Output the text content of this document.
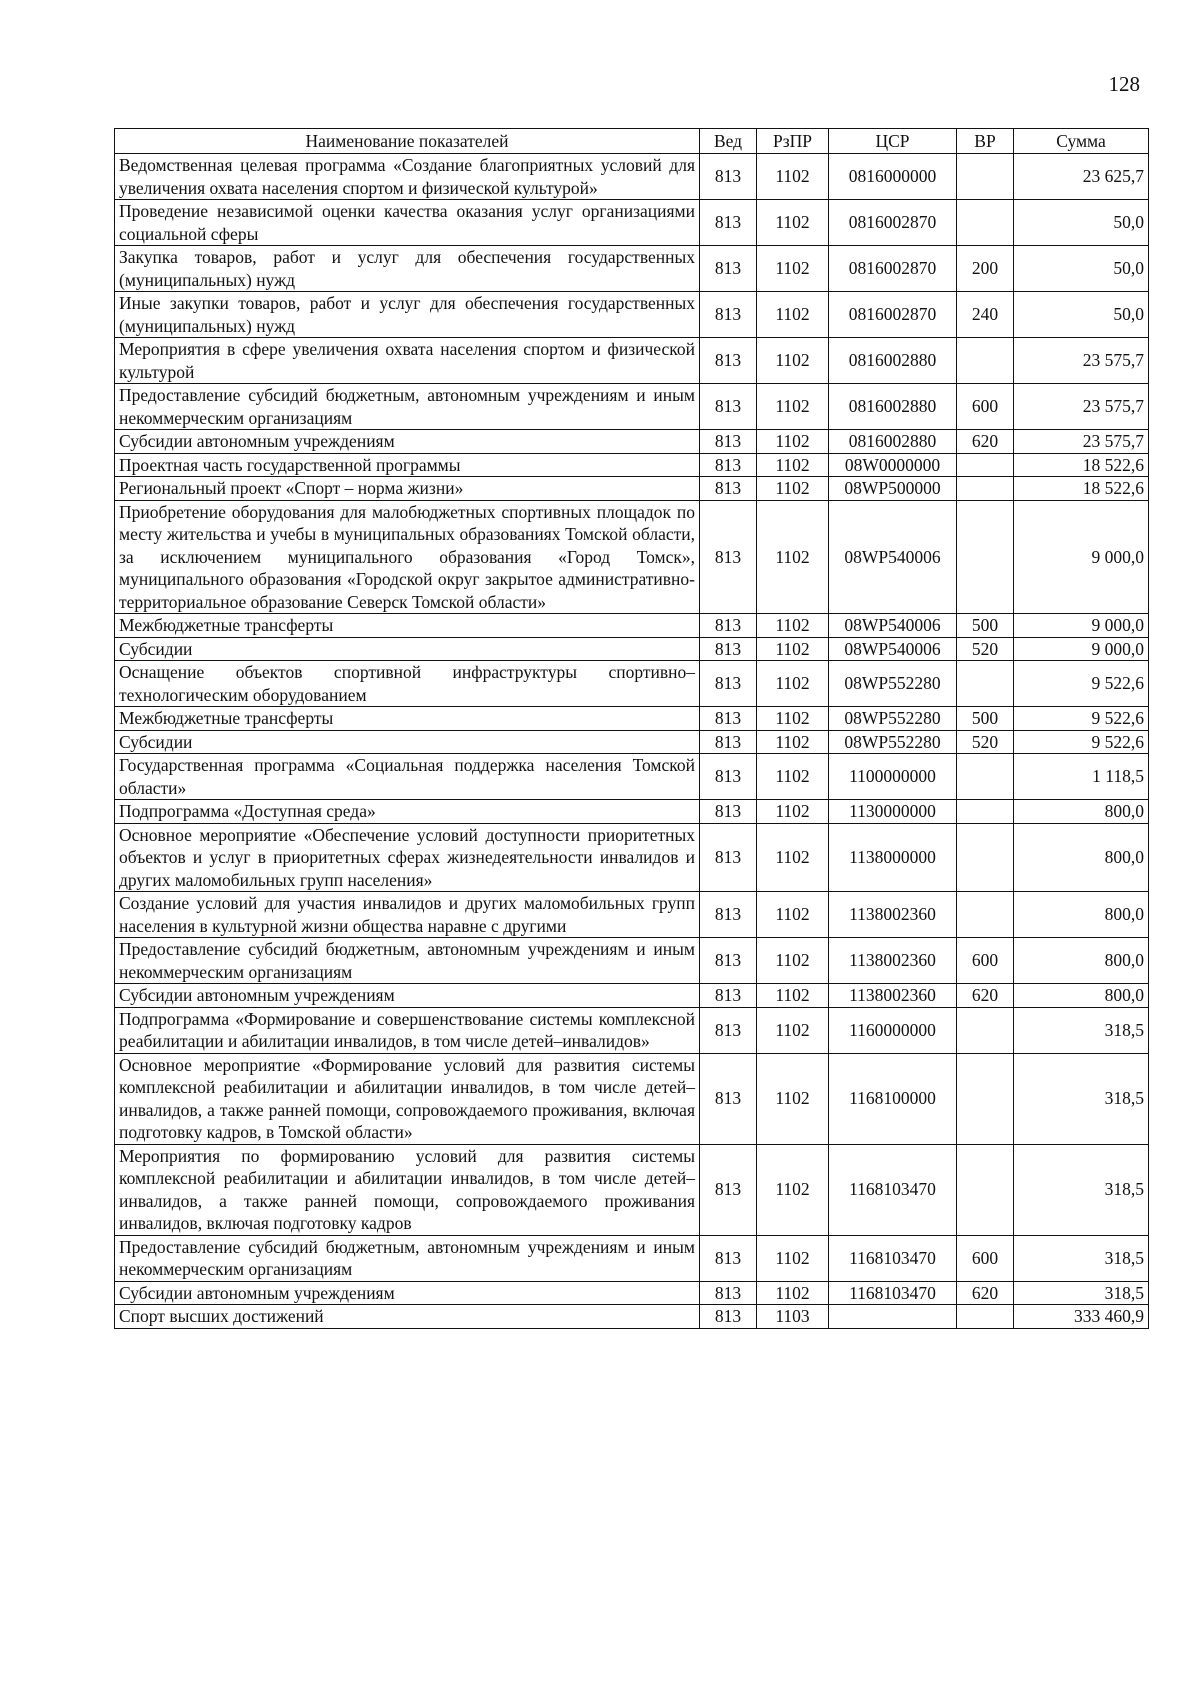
128
Наименование показателей	Вед	РзПР	ЦСР	ВР	Сумма
Ведомственная целевая программа «Создание благоприятных условий для увеличения охвата населения спортом и физической культурой»	813	1102	0816000000		23 625,7
Проведение независимой оценки качества оказания услуг организациями социальной сферы	813	1102	0816002870		50,0
Закупка товаров, работ и услуг для обеспечения государственных (муниципальных) нужд	813	1102	0816002870	200	50,0
Иные закупки товаров, работ и услуг для обеспечения государственных (муниципальных) нужд	813	1102	0816002870	240	50,0
Мероприятия в сфере увеличения охвата населения спортом и физической культурой	813	1102	0816002880		23 575,7
Предоставление субсидий бюджетным, автономным учреждениям и иным некоммерческим организациям	813	1102	0816002880	600	23 575,7
Субсидии автономным учреждениям	813	1102	0816002880	620	23 575,7
Проектная часть государственной программы	813	1102	08W0000000		18 522,6
Региональный проект «Спорт – норма жизни»	813	1102	08WP500000		18 522,6
Приобретение оборудования для малобюджетных спортивных площадок по месту жительства и учебы в муниципальных образованиях Томской области, за исключением муниципального образования «Город Томск», муниципального образования «Городской округ закрытое административно-территориальное образование Северск Томской области»	813	1102	08WP540006		9 000,0
Межбюджетные трансферты	813	1102	08WP540006	500	9 000,0
Субсидии	813	1102	08WP540006	520	9 000,0
Оснащение объектов спортивной инфраструктуры спортивно–технологическим оборудованием	813	1102	08WP552280		9 522,6
Межбюджетные трансферты	813	1102	08WP552280	500	9 522,6
Субсидии	813	1102	08WP552280	520	9 522,6
Государственная программа «Социальная поддержка населения Томской области»	813	1102	1100000000		1 118,5
Подпрограмма «Доступная среда»	813	1102	1130000000		800,0
Основное мероприятие «Обеспечение условий доступности приоритетных объектов и услуг в приоритетных сферах жизнедеятельности инвалидов и других маломобильных групп населения»	813	1102	1138000000		800,0
Создание условий для участия инвалидов и других маломобильных групп населения в культурной жизни общества наравне с другими	813	1102	1138002360		800,0
Предоставление субсидий бюджетным, автономным учреждениям и иным некоммерческим организациям	813	1102	1138002360	600	800,0
Субсидии автономным учреждениям	813	1102	1138002360	620	800,0
Подпрограмма «Формирование и совершенствование системы комплексной реабилитации и абилитации инвалидов, в том числе детей–инвалидов»	813	1102	1160000000		318,5
Основное мероприятие «Формирование условий для развития системы комплексной реабилитации и абилитации инвалидов, в том числе детей–инвалидов, а также ранней помощи, сопровождаемого проживания, включая подготовку кадров, в Томской области»	813	1102	1168100000		318,5
Мероприятия по формированию условий для развития системы комплексной реабилитации и абилитации инвалидов, в том числе детей–инвалидов, а также ранней помощи, сопровождаемого проживания инвалидов, включая подготовку кадров	813	1102	1168103470		318,5
Предоставление субсидий бюджетным, автономным учреждениям и иным некоммерческим организациям	813	1102	1168103470	600	318,5
Субсидии автономным учреждениям	813	1102	1168103470	620	318,5
Спорт высших достижений	813	1103			333 460,9
